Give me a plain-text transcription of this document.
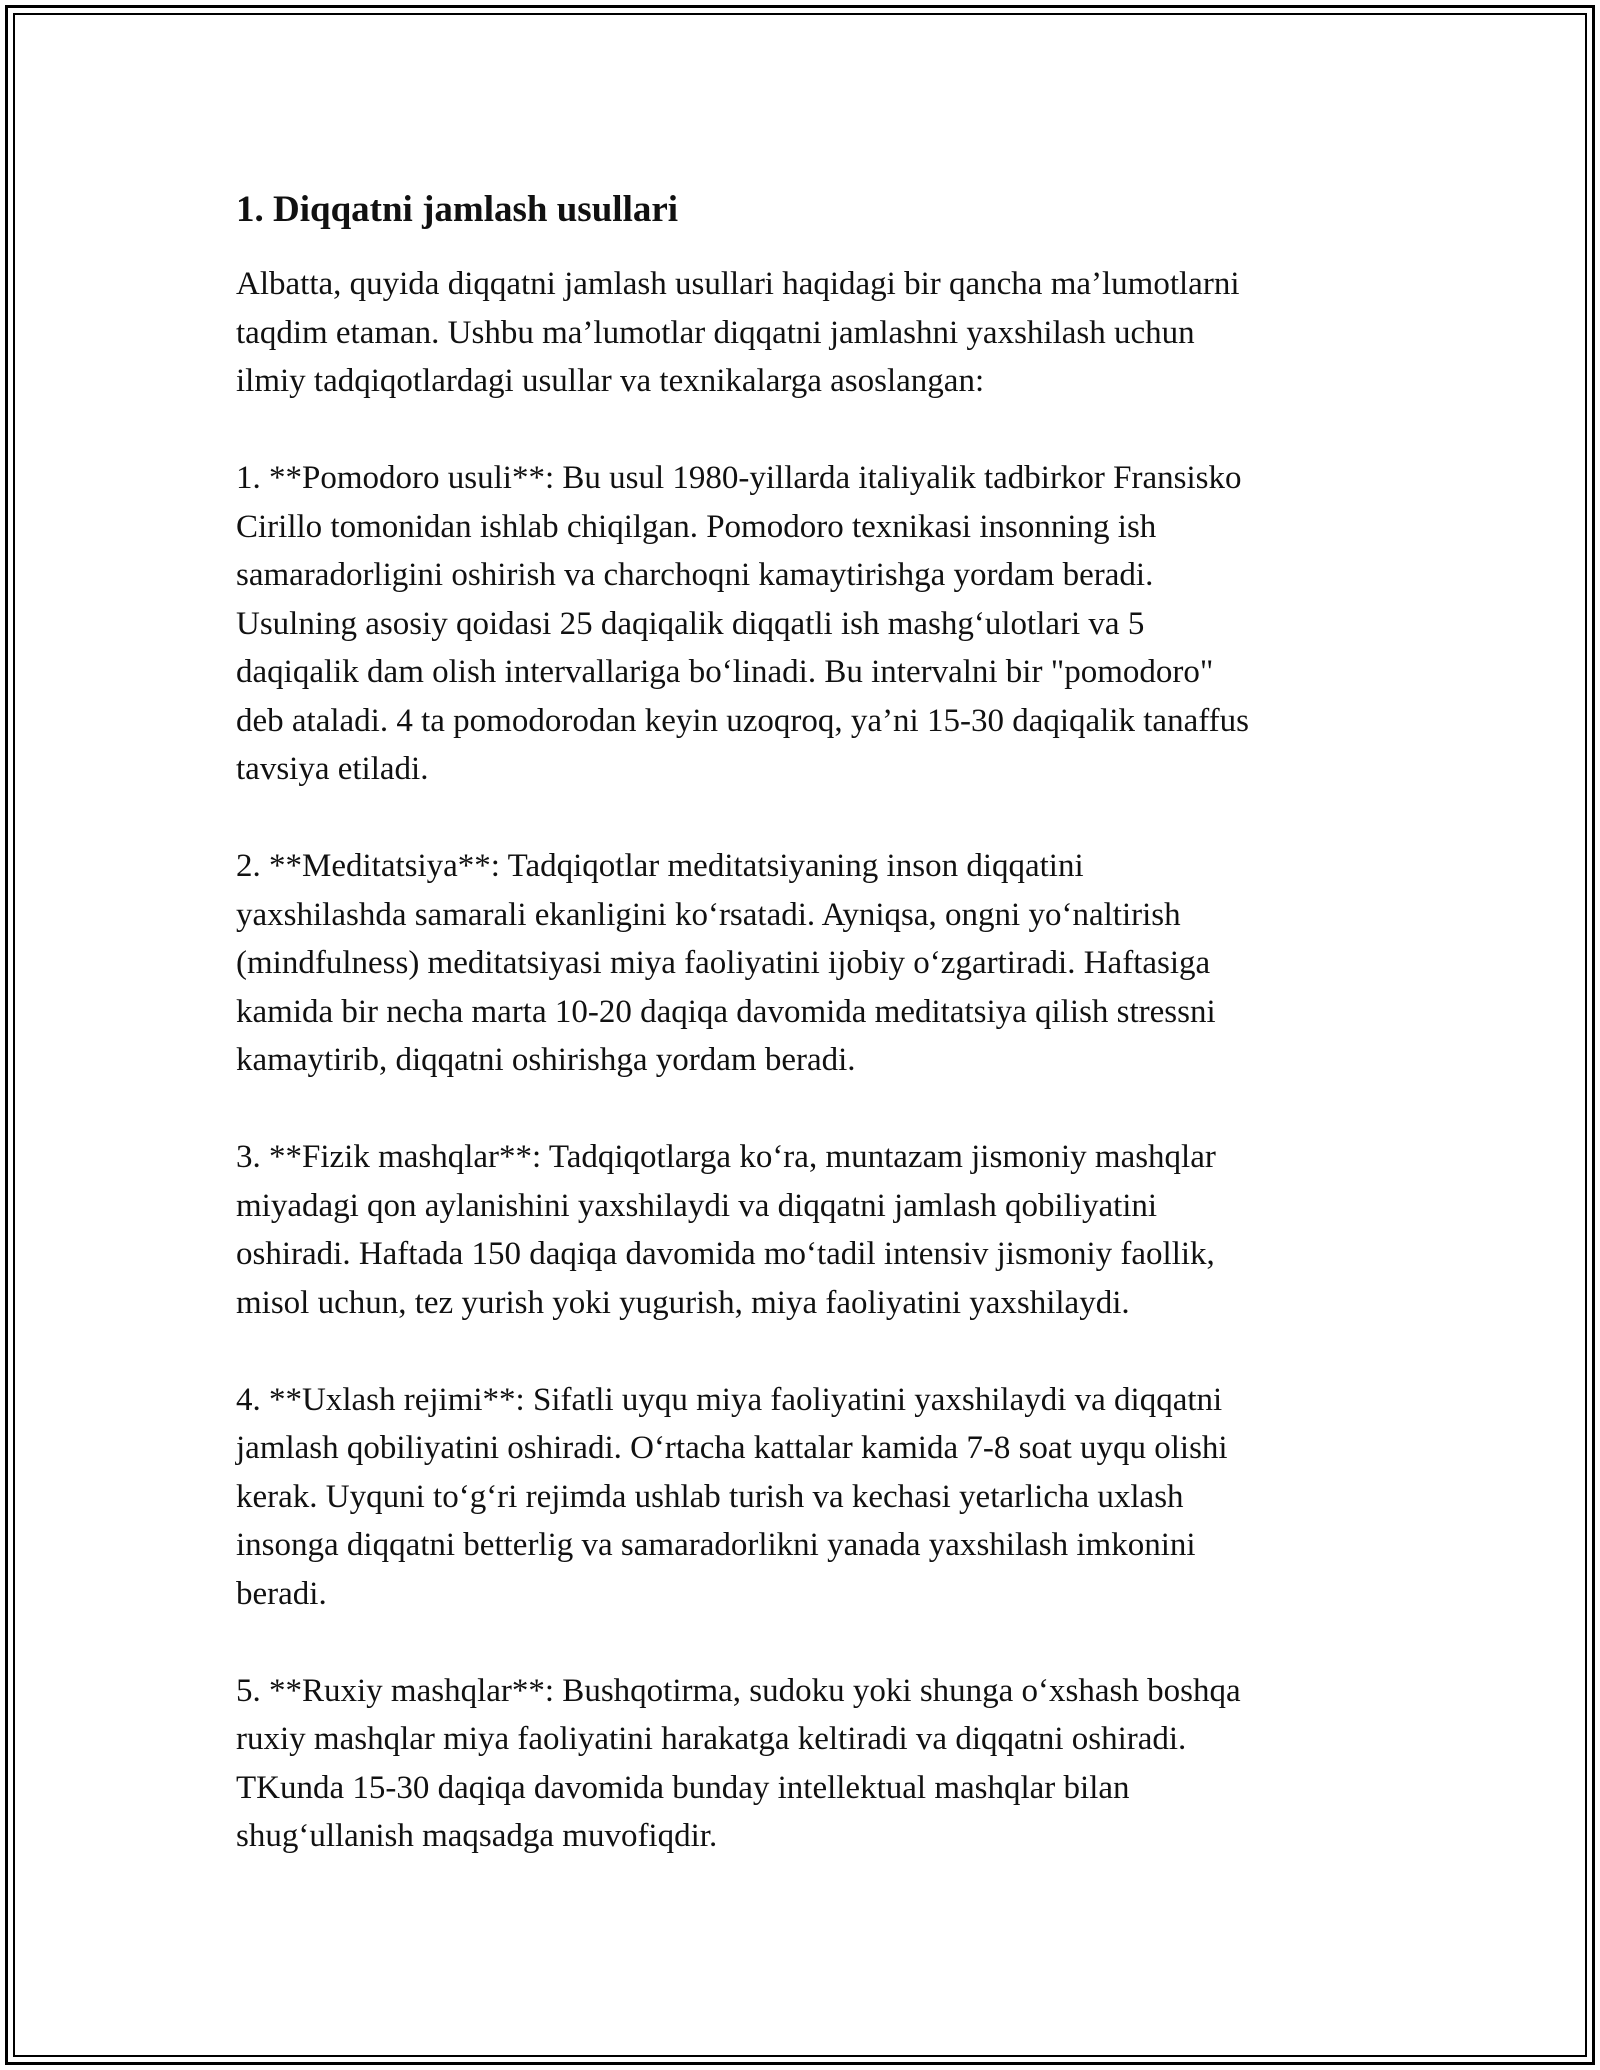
1. Diqqatni jamlash usullari
Albatta, quyida diqqatni jamlash usullari haqidagi bir qancha ma’lumotlarni
taqdim etaman. Ushbu ma’lumotlar diqqatni jamlashni yaxshilash uchun
ilmiy tadqiqotlardagi usullar va texnikalarga asoslangan:
1. **Pomodoro usuli**: Bu usul 1980-yillarda italiyalik tadbirkor Fransisko
Cirillo tomonidan ishlab chiqilgan. Pomodoro texnikasi insonning ish
samaradorligini oshirish va charchoqni kamaytirishga yordam beradi.
Usulning asosiy qoidasi 25 daqiqalik diqqatli ish mashg‘ulotlari va 5
daqiqalik dam olish intervallariga bo‘linadi. Bu intervalni bir "pomodoro"
deb ataladi. 4 ta pomodorodan keyin uzoqroq, ya’ni 15-30 daqiqalik tanaffus
tavsiya etiladi.
2. **Meditatsiya**: Tadqiqotlar meditatsiyaning inson diqqatini
yaxshilashda samarali ekanligini ko‘rsatadi. Ayniqsa, ongni yo‘naltirish
(mindfulness) meditatsiyasi miya faoliyatini ijobiy o‘zgartiradi. Haftasiga
kamida bir necha marta 10-20 daqiqa davomida meditatsiya qilish stressni
kamaytirib, diqqatni oshirishga yordam beradi.
3. **Fizik mashqlar**: Tadqiqotlarga ko‘ra, muntazam jismoniy mashqlar
miyadagi qon aylanishini yaxshilaydi va diqqatni jamlash qobiliyatini
oshiradi. Haftada 150 daqiqa davomida mo‘tadil intensiv jismoniy faollik,
misol uchun, tez yurish yoki yugurish, miya faoliyatini yaxshilaydi.
4. **Uxlash rejimi**: Sifatli uyqu miya faoliyatini yaxshilaydi va diqqatni
jamlash qobiliyatini oshiradi. O‘rtacha kattalar kamida 7-8 soat uyqu olishi
kerak. Uyquni to‘g‘ri rejimda ushlab turish va kechasi yetarlicha uxlash
insonga diqqatni betterlig va samaradorlikni yanada yaxshilash imkonini
beradi.
5. **Ruxiy mashqlar**: Bushqotirma, sudoku yoki shunga o‘xshash boshqa
ruxiy mashqlar miya faoliyatini harakatga keltiradi va diqqatni oshiradi.
TKunda 15-30 daqiqa davomida bunday intellektual mashqlar bilan
shug‘ullanish maqsadga muvofiqdir.
